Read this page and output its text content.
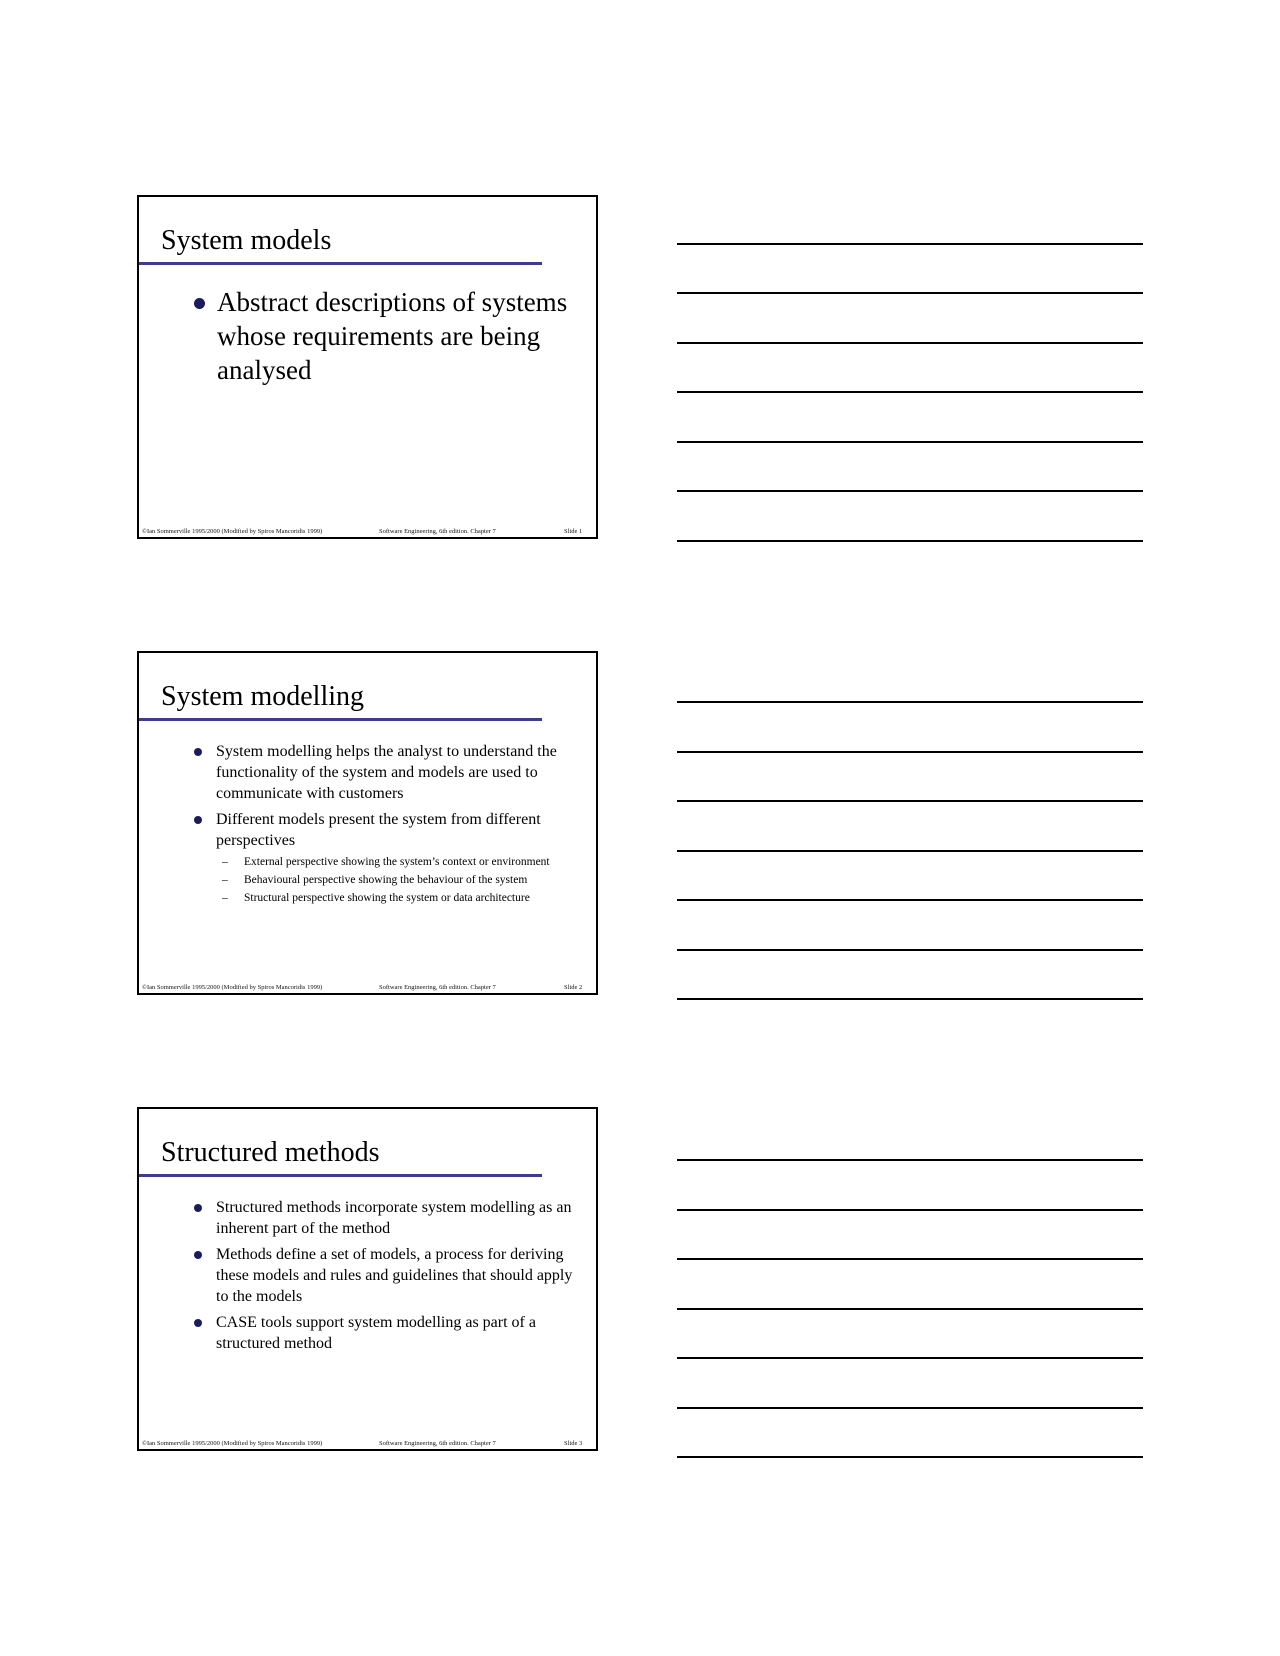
System models
Abstract descriptions of systems whose requirements are being analysed
©Ian Sommerville 1995/2000 (Modified by Spiros Mancoridis 1999)	Software Engineering, 6th edition. Chapter 7	Slide 1
System modelling
System modelling helps the analyst to understand the functionality of the system and models are used to communicate with customers
Different models present the system from different perspectives
– External perspective showing the system’s context or environment
– Behavioural perspective showing the behaviour of the system
– Structural perspective showing the system or data architecture
©Ian Sommerville 1995/2000 (Modified by Spiros Mancoridis 1999)	Software Engineering, 6th edition. Chapter 7	Slide 2
Structured methods
Structured methods incorporate system modelling as an inherent part of the method
Methods define a set of models, a process for deriving these models and rules and guidelines that should apply to the models
CASE tools support system modelling as part of a structured method
©Ian Sommerville 1995/2000 (Modified by Spiros Mancoridis 1999)	Software Engineering, 6th edition. Chapter 7	Slide 3
